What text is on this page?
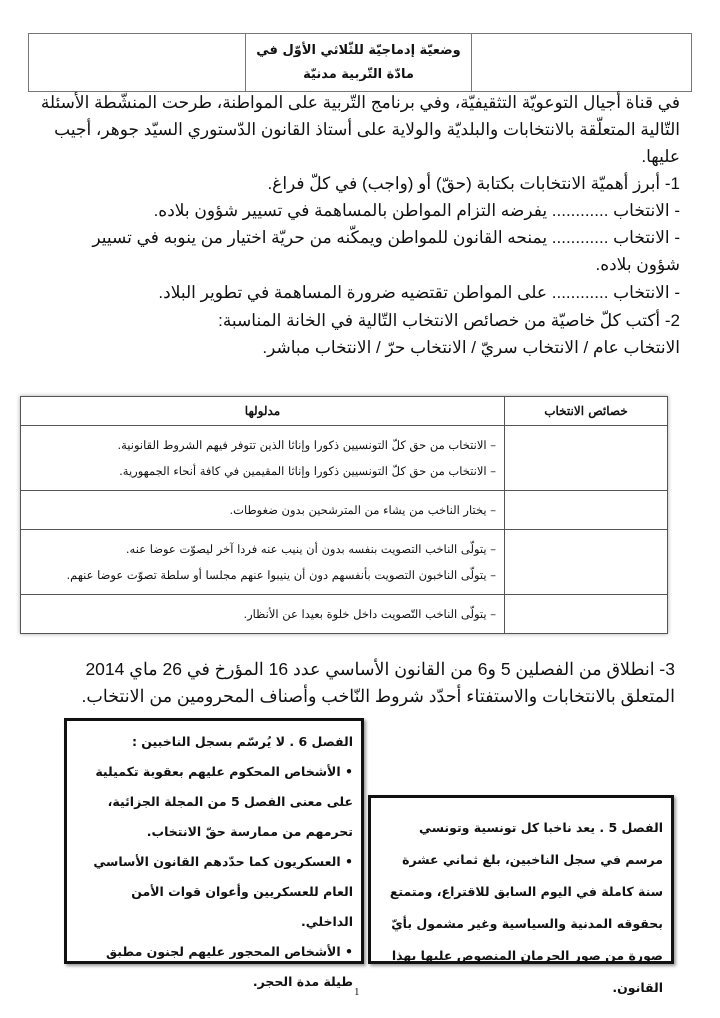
وضعيّة إدماجيّة للثّلاثي الأوّل في
مادّة التّربية مدنيّة
في قناة أجيال التوعويّة التثقيفيّة، وفي برنامج التّربية على المواطنة، طرحت المنشّطة الأسئلة
التّالية المتعلّقة بالانتخابات والبلديّة والولاية على أستاذ القانون الدّستوري السيّد جوهر، أجيب
عليها.
1- أبرز أهميّة الانتخابات بكتابة (حقّ) أو (واجب) في كلّ فراغ.
- الانتخاب ............ يفرضه التزام المواطن بالمساهمة في تسيير شؤون بلاده.
- الانتخاب ............ يمنحه القانون للمواطن ويمكّنه من حريّة اختيار من ينوبه في تسيير
شؤون بلاده.
- الانتخاب ............ على المواطن تقتضيه ضرورة المساهمة في تطوير البلاد.
2- أكتب كلّ خاصيّة من خصائص الانتخاب التّالية في الخانة المناسبة:
الانتخاب عام / الانتخاب سريّ / الانتخاب حرّ / الانتخاب مباشر.
خصائص الانتخاب	مدلولها

	– الانتخاب من حق كلّ التونسيين ذكورا وإناثا الذين تتوفر فيهم الشروط القانونية.

– الانتخاب من حق كلّ التونسيين ذكورا وإناثا المقيمين في كافة أنحاء الجمهورية.

	– يختار الناخب من يشاء من المترشحين بدون ضغوطات.

	– يتولّى الناخب التصويت بنفسه بدون أن ينيب عنه فردا آخر ليصوّت عوضا عنه.

– يتولّى الناخبون التصويت بأنفسهم دون أن ينيبوا عنهم مجلسا أو سلطة تصوّت عوضا عنهم.

	– يتولّى الناخب التّصويت داخل خلوة بعيدا عن الأنظار.

3- انطلاق من الفصلين 5 و6 من القانون الأساسي عدد 16 المؤرخ في 26 ماي 2014
المتعلق بالانتخابات والاستفتاء أحدّد شروط النّاخب وأصناف المحرومين من الانتخاب.

الفصل 6 . لا يُرسّم بسجل الناخبين :

• الأشخاص المحكوم عليهم بعقوبة تكميلية على معنى الفصل 5 من المجلة الجزائية، تحرمهم من ممارسة حقّ الانتخاب.

• العسكريون كما حدّدهم القانون الأساسي العام للعسكريين وأعوان قوات الأمن الداخلي.

• الأشخاص المحجور عليهم لجنون مطبق طيلة مدة الحجر.

الفصل 5 . يعد ناخبا كل تونسية وتونسي مرسم في سجل الناخبين، بلغ ثماني عشرة سنة كاملة في اليوم السابق للاقتراع، ومتمتع بحقوقه المدنية والسياسية وغير مشمول بأيّ صورة من صور الحرمان المنصوص عليها بهذا القانون.

1
